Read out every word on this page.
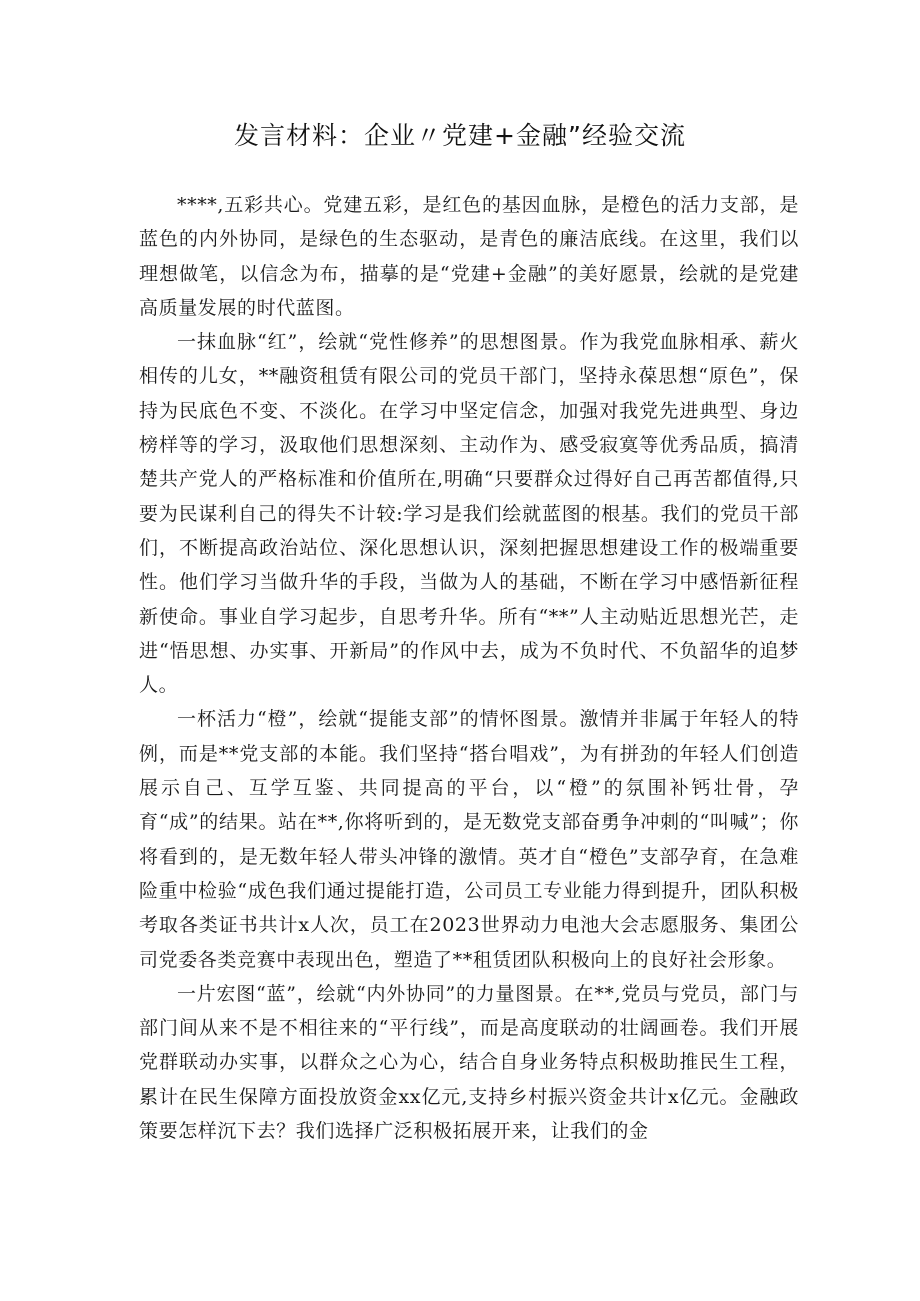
发言材料：企业〃党建+金融”经验交流

****,五彩共心。党建五彩，是红色的基因血脉，是橙色的活力支部，是蓝色的内外协同，是绿色的生态驱动，是青色的廉洁底线。在这里，我们以理想做笔，以信念为布，描摹的是“党建+金融”的美好愿景，绘就的是党建高质量发展的时代蓝图。

一抹血脉“红”，绘就“党性修养”的思想图景。作为我党血脉相承、薪火相传的儿女，**融资租赁有限公司的党员干部门，坚持永葆思想“原色”，保持为民底色不变、不淡化。在学习中坚定信念，加强对我党先进典型、身边榜样等的学习，汲取他们思想深刻、主动作为、感受寂寞等优秀品质，搞清楚共产党人的严格标准和价值所在,明确“只要群众过得好自己再苦都值得,只要为民谋利自己的得失不计较:学习是我们绘就蓝图的根基。我们的党员干部们，不断提高政治站位、深化思想认识，深刻把握思想建设工作的极端重要性。他们学习当做升华的手段，当做为人的基础，不断在学习中感悟新征程新使命。事业自学习起步，自思考升华。所有“**”人主动贴近思想光芒，走进“悟思想、办实事、开新局”的作风中去，成为不负时代、不负韶华的追梦人。

一杯活力“橙”，绘就“提能支部”的情怀图景。激情并非属于年轻人的特例，而是**党支部的本能。我们坚持“搭台唱戏”，为有拼劲的年轻人们创造展示自己、互学互鉴、共同提高的平台，以“橙”的氛围补钙壮骨，孕育“成”的结果。站在**,你将听到的，是无数党支部奋勇争冲刺的“叫喊”；你将看到的，是无数年轻人带头冲锋的激情。英才自“橙色”支部孕育，在急难险重中检验“成色我们通过提能打造，公司员工专业能力得到提升，团队积极考取各类证书共计x人次，员工在2023世界动力电池大会志愿服务、集团公司党委各类竞赛中表现出色，塑造了**租赁团队积极向上的良好社会形象。

一片宏图“蓝”，绘就“内外协同”的力量图景。在**,党员与党员，部门与部门间从来不是不相往来的“平行线”，而是高度联动的壮阔画卷。我们开展党群联动办实事，以群众之心为心，结合自身业务特点积极助推民生工程，累计在民生保障方面投放资金xx亿元,支持乡村振兴资金共计x亿元。金融政策要怎样沉下去？我们选择广泛积极拓展开来，让我们的金
